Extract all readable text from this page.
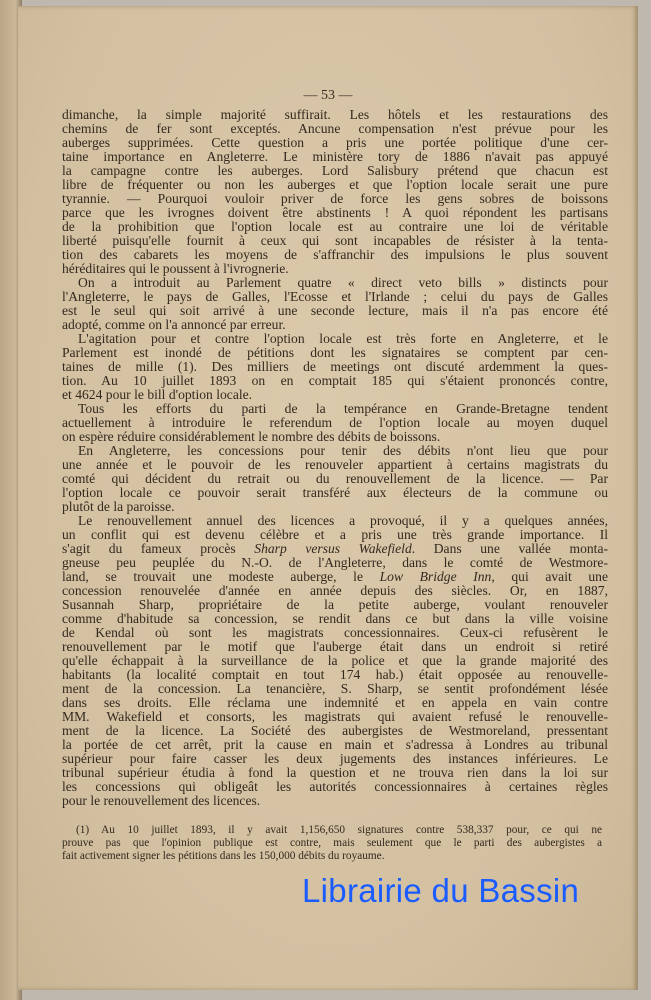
— 53 —
dimanche, la simple majorité suffirait. Les hôtels et les restaurations des
chemins de fer sont exceptés. Ancune compensation n'est prévue pour les
auberges supprimées. Cette question a pris une portée politique d'une cer-
taine importance en Angleterre. Le ministère tory de 1886 n'avait pas appuyé
la campagne contre les auberges. Lord Salisbury prétend que chacun est
libre de fréquenter ou non les auberges et que l'option locale serait une pure
tyrannie. — Pourquoi vouloir priver de force les gens sobres de boissons
parce que les ivrognes doivent être abstinents ! A quoi répondent les partisans
de la prohibition que l'option locale est au contraire une loi de véritable
liberté puisqu'elle fournit à ceux qui sont incapables de résister à la tenta-
tion des cabarets les moyens de s'affranchir des impulsions le plus souvent
héréditaires qui le poussent à l'ivrognerie.
On a introduit au Parlement quatre « direct veto bills » distincts pour
l'Angleterre, le pays de Galles, l'Ecosse et l'Irlande ; celui du pays de Galles
est le seul qui soit arrivé à une seconde lecture, mais il n'a pas encore été
adopté, comme on l'a annoncé par erreur.
L'agitation pour et contre l'option locale est très forte en Angleterre, et le
Parlement est inondé de pétitions dont les signataires se comptent par cen-
taines de mille (1). Des milliers de meetings ont discuté ardemment la ques-
tion. Au 10 juillet 1893 on en comptait 185 qui s'étaient prononcés contre,
et 4624 pour le bill d'option locale.
Tous les efforts du parti de la tempérance en Grande-Bretagne tendent
actuellement à introduire le referendum de l'option locale au moyen duquel
on espère réduire considérablement le nombre des débits de boissons.
En Angleterre, les concessions pour tenir des débits n'ont lieu que pour
une année et le pouvoir de les renouveler appartient à certains magistrats du
comté qui décident du retrait ou du renouvellement de la licence. — Par
l'option locale ce pouvoir serait transféré aux électeurs de la commune ou
plutôt de la paroisse.
Le renouvellement annuel des licences a provoqué, il y a quelques années,
un conflit qui est devenu célèbre et a pris une très grande importance. Il
s'agit du fameux procès Sharp versus Wakefield. Dans une vallée monta-
gneuse peu peuplée du N.-O. de l'Angleterre, dans le comté de Westmore-
land, se trouvait une modeste auberge, le Low Bridge Inn, qui avait une
concession renouvelée d'année en année depuis des siècles. Or, en 1887,
Susannah Sharp, propriétaire de la petite auberge, voulant renouveler
comme d'habitude sa concession, se rendit dans ce but dans la ville voisine
de Kendal où sont les magistrats concessionnaires. Ceux-ci refusèrent le
renouvellement par le motif que l'auberge était dans un endroit si retiré
qu'elle échappait à la surveillance de la police et que la grande majorité des
habitants (la localité comptait en tout 174 hab.) était opposée au renouvelle-
ment de la concession. La tenancière, S. Sharp, se sentit profondément lésée
dans ses droits. Elle réclama une indemnité et en appela en vain contre
MM. Wakefield et consorts, les magistrats qui avaient refusé le renouvelle-
ment de la licence. La Société des aubergistes de Westmoreland, pressentant
la portée de cet arrêt, prit la cause en main et s'adressa à Londres au tribunal
supérieur pour faire casser les deux jugements des instances inférieures. Le
tribunal supérieur étudia à fond la question et ne trouva rien dans la loi sur
les concessions qui obligeât les autorités concessionnaires à certaines règles
pour le renouvellement des licences.
(1) Au 10 juillet 1893, il y avait 1,156,650 signatures contre 538,337 pour, ce qui ne
prouve pas que l'opinion publique est contre, mais seulement que le parti des aubergistes a
fait activement signer les pétitions dans les 150,000 débits du royaume.
Librairie du Bassin
